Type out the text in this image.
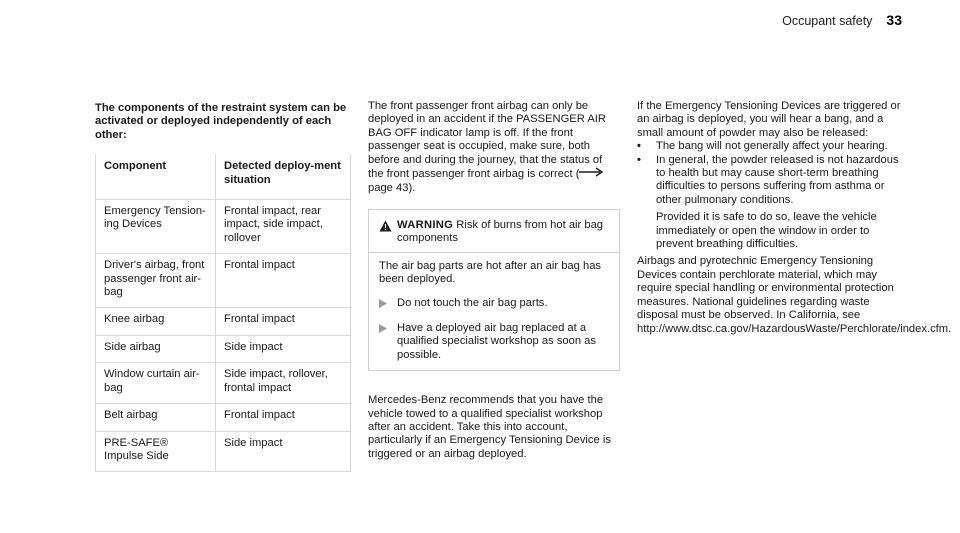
Occupant safety 33

The components of the restraint system can be activated or deployed independently of each other:

Component	Detected deploy-ment situation
Emergency Tension-ing Devices	Frontal impact, rear impact, side impact, rollover
Driver's airbag, front passenger front air-bag	Frontal impact
Knee airbag	Frontal impact
Side airbag	Side impact
Window curtain air-bag	Side impact, rollover, frontal impact
Belt airbag	Frontal impact
PRE-SAFE® Impulse Side	Side impact

The front passenger front airbag can only be deployed in an accident if the PASSENGER AIR BAG OFF indicator lamp is off. If the front passenger seat is occupied, make sure, both before and during the journey, that the status of the front passenger front airbag is correct (page 43).

WARNING Risk of burns from hot air bag components

The air bag parts are hot after an air bag has been deployed.

Do not touch the air bag parts.
Have a deployed air bag replaced at a qualified specialist workshop as soon as possible.

Mercedes-Benz recommends that you have the vehicle towed to a qualified specialist workshop after an accident. Take this into account, particularly if an Emergency Tensioning Device is triggered or an airbag deployed.

If the Emergency Tensioning Devices are triggered or an airbag is deployed, you will hear a bang, and a small amount of powder may also be released:

•	The bang will not generally affect your hearing.
•	In general, the powder released is not hazardous to health but may cause short-term breathing difficulties to persons suffering from asthma or other pulmonary conditions.

Provided it is safe to do so, leave the vehicle immediately or open the window in order to prevent breathing difficulties.

Airbags and pyrotechnic Emergency Tensioning Devices contain perchlorate material, which may require special handling or environmental protection measures. National guidelines regarding waste disposal must be observed. In California, see http://www.dtsc.ca.gov/HazardousWaste/Perchlorate/index.cfm.
